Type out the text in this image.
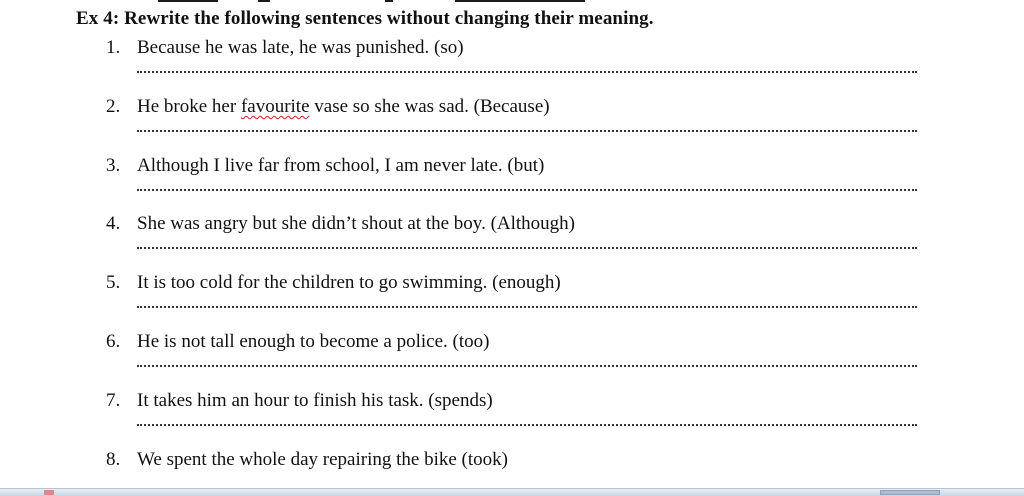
Ex 4: Rewrite the following sentences without changing their meaning.
1. Because he was late, he was punished. (so)
2. He broke her favourite vase so she was sad. (Because)
3. Although I live far from school, I am never late. (but)
4. She was angry but she didn’t shout at the boy. (Although)
5. It is too cold for the children to go swimming. (enough)
6. He is not tall enough to become a police. (too)
7. It takes him an hour to finish his task. (spends)
8. We spent the whole day repairing the bike (took)
